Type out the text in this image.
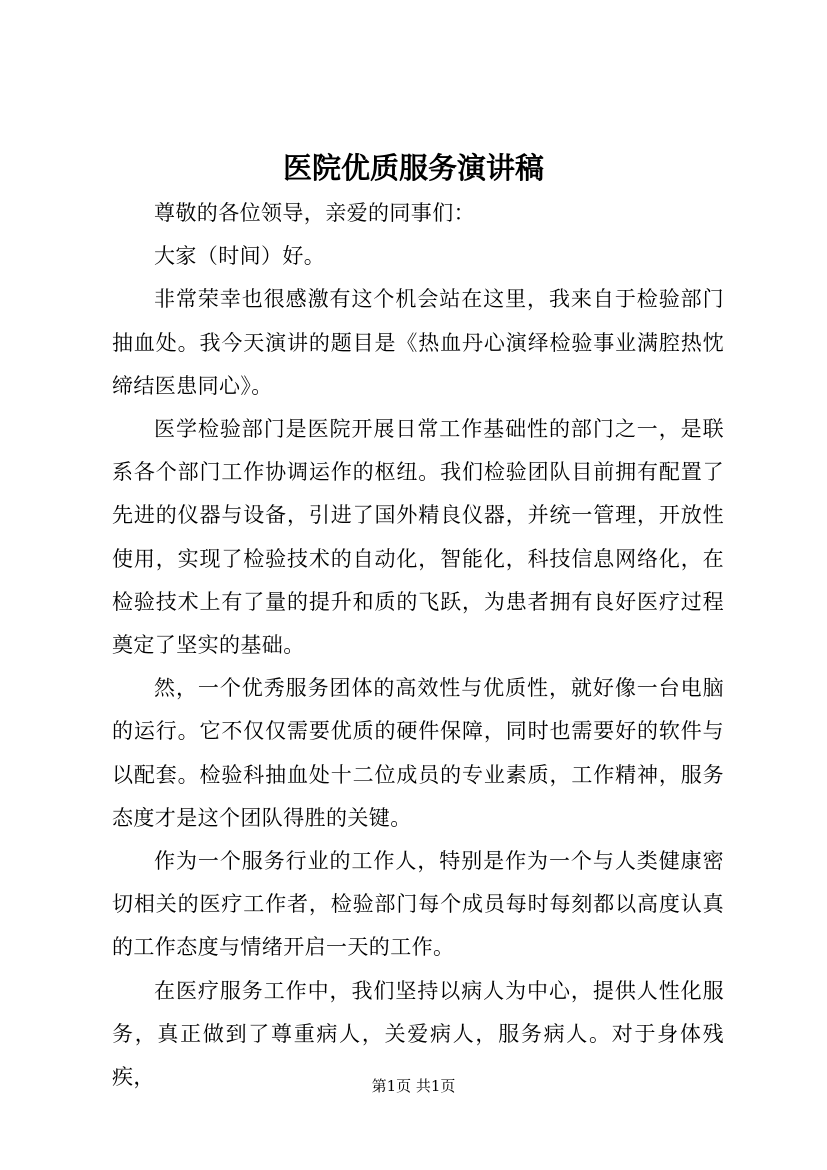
医院优质服务演讲稿

尊敬的各位领导，亲爱的同事们：

大家（时间）好。

非常荣幸也很感激有这个机会站在这里，我来自于检验部门抽血处。我今天演讲的题目是《热血丹心演绎检验事业满腔热忱缔结医患同心》。

医学检验部门是医院开展日常工作基础性的部门之一，是联系各个部门工作协调运作的枢纽。我们检验团队目前拥有配置了先进的仪器与设备，引进了国外精良仪器，并统一管理，开放性使用，实现了检验技术的自动化，智能化，科技信息网络化，在检验技术上有了量的提升和质的飞跃，为患者拥有良好医疗过程奠定了坚实的基础。

然，一个优秀服务团体的高效性与优质性，就好像一台电脑的运行。它不仅仅需要优质的硬件保障，同时也需要好的软件与以配套。检验科抽血处十二位成员的专业素质，工作精神，服务态度才是这个团队得胜的关键。

作为一个服务行业的工作人，特别是作为一个与人类健康密切相关的医疗工作者，检验部门每个成员每时每刻都以高度认真的工作态度与情绪开启一天的工作。

在医疗服务工作中，我们坚持以病人为中心，提供人性化服务，真正做到了尊重病人，关爱病人，服务病人。对于身体残疾，	第1页 共1页
